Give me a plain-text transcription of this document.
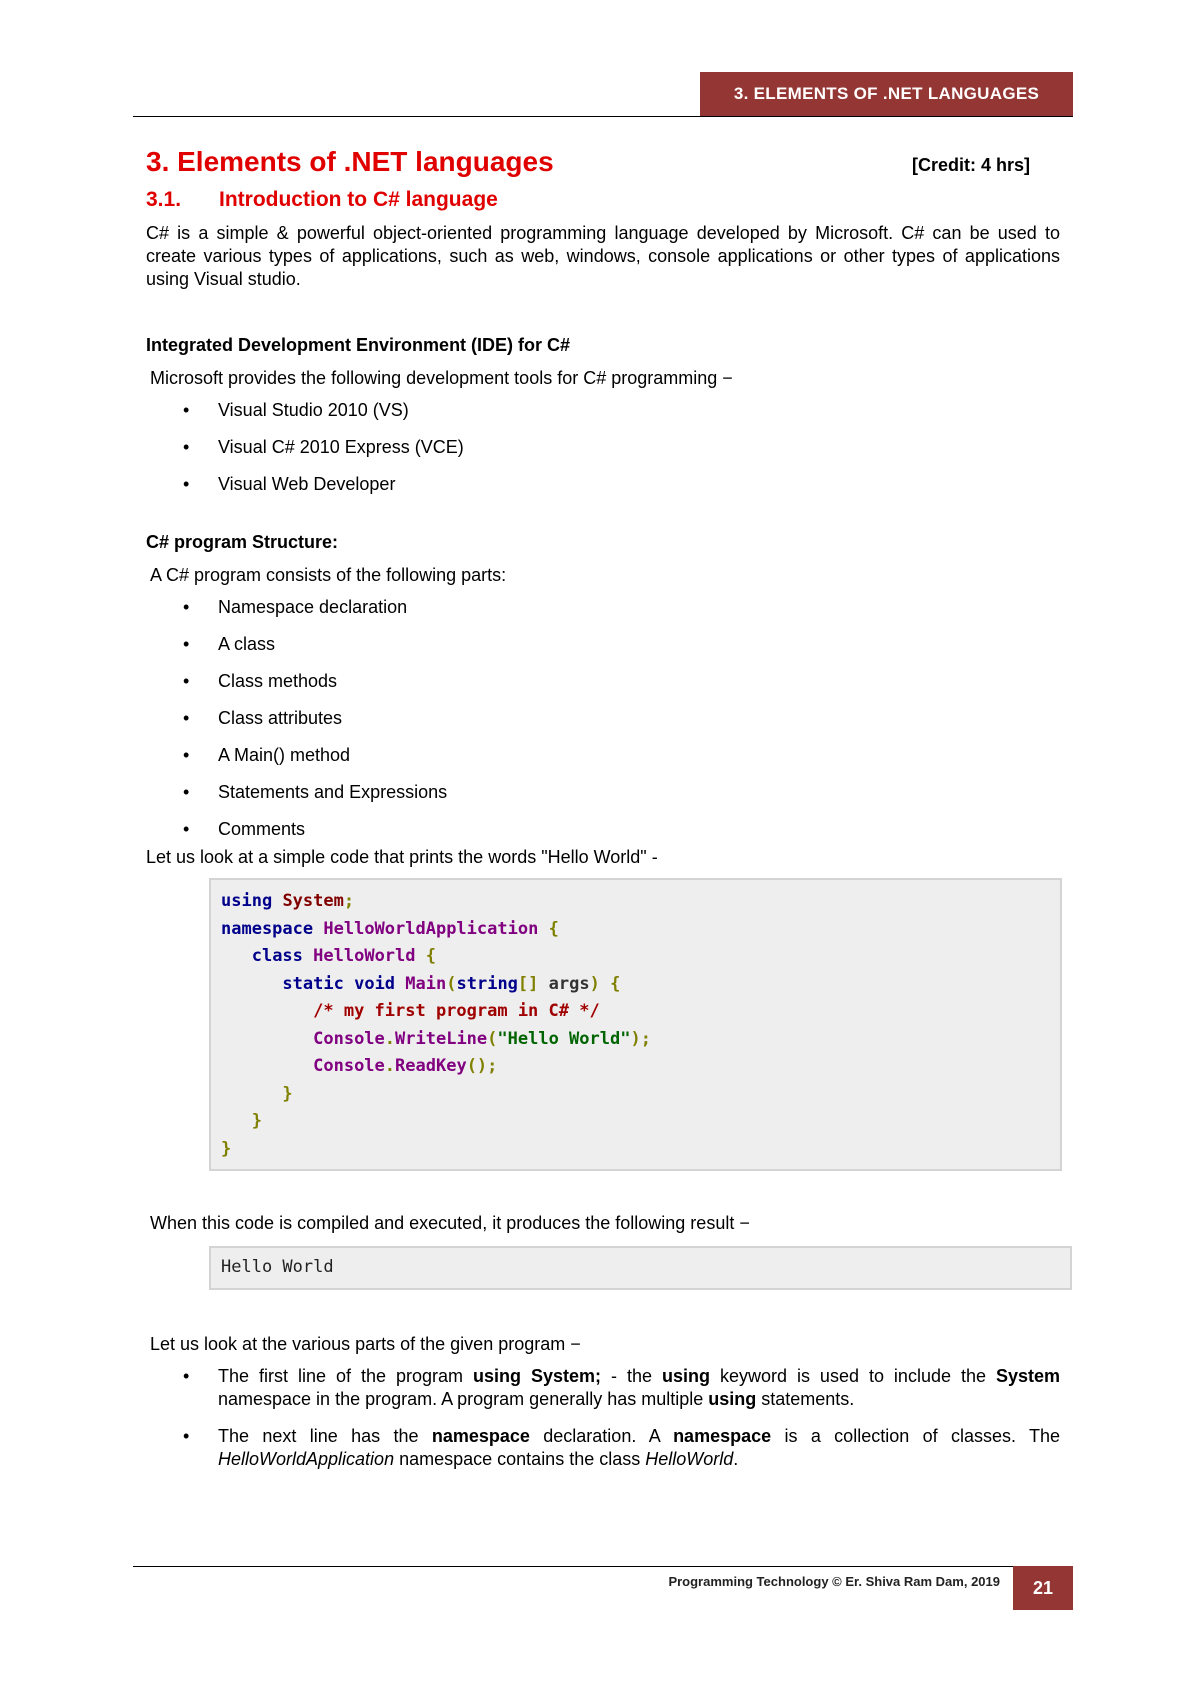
3. ELEMENTS OF .NET LANGUAGES
3. Elements of .NET languages	[Credit: 4 hrs]
3.1.	Introduction to C# language

C# is a simple & powerful object-oriented programming language developed by Microsoft. C# can be used to create various types of applications, such as web, windows, console applications or other types of applications using Visual studio.

Integrated Development Environment (IDE) for C#
Microsoft provides the following development tools for C# programming −
• Visual Studio 2010 (VS)
• Visual C# 2010 Express (VCE)
• Visual Web Developer
C# program Structure:
A C# program consists of the following parts:
• Namespace declaration
• A class
• Class methods
• Class attributes
• A Main() method
• Statements and Expressions
• Comments
Let us look at a simple code that prints the words "Hello World" -
using System;
namespace HelloWorldApplication {
class HelloWorld {
static void Main(string[] args) {
/* my first program in C# */
Console.WriteLine("Hello World");
Console.ReadKey();
}
}
}
When this code is compiled and executed, it produces the following result −
Hello World
Let us look at the various parts of the given program −
• The first line of the program using System; - the using keyword is used to include the System namespace in the program. A program generally has multiple using statements.
• The next line has the namespace declaration. A namespace is a collection of classes. The HelloWorldApplication namespace contains the class HelloWorld.
Programming Technology © Er. Shiva Ram Dam, 2019	21
